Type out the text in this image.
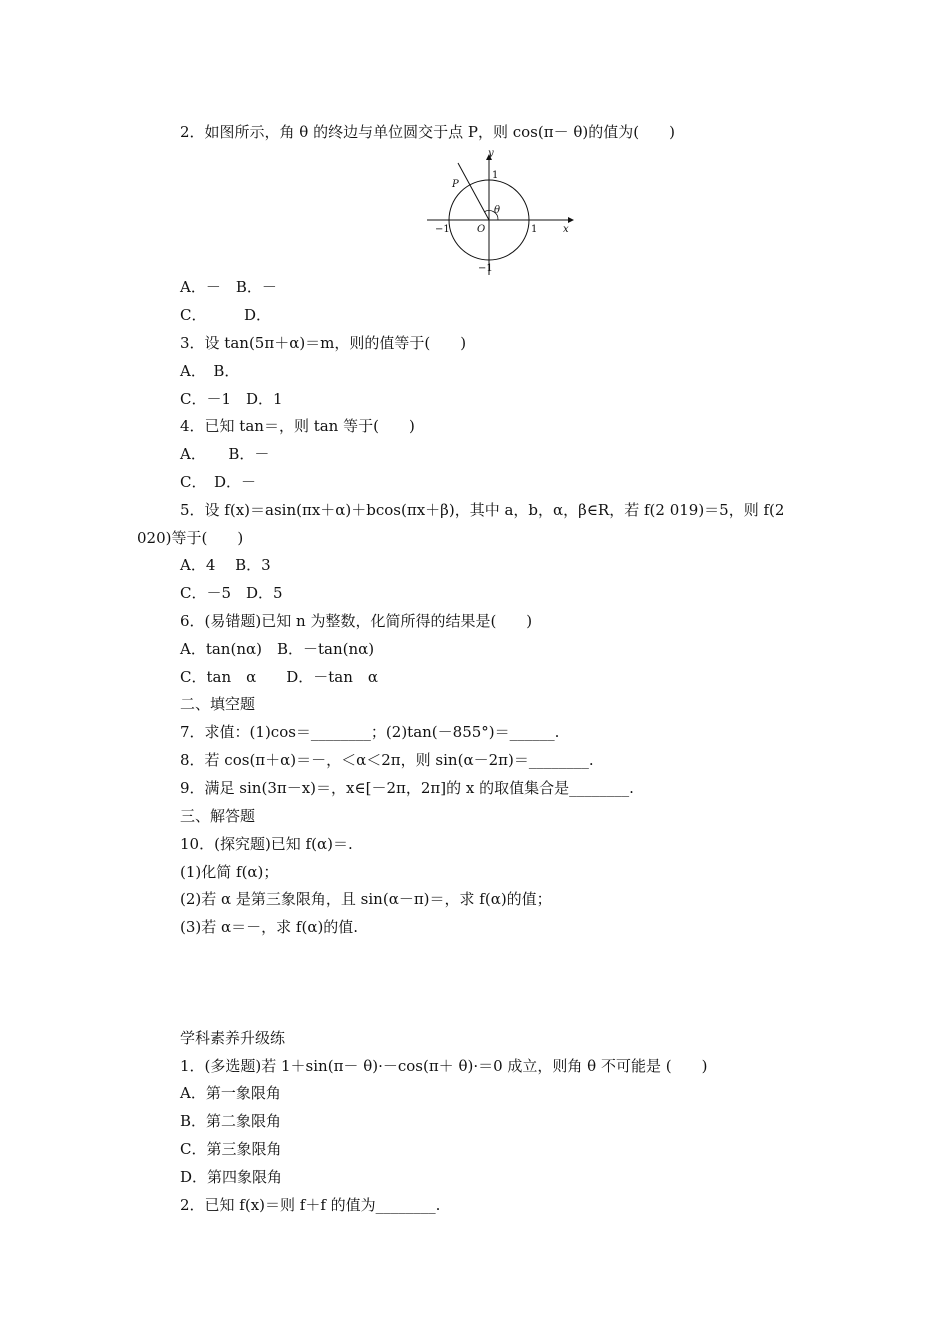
2．如图所示，角 θ 的终边与单位圆交于点 P，则 cos(π－ θ)的值为(　　)
y
x
P
O
θ
1
−1
1
−1
A．－　B．－
C．　　　D．
3．设 tan(5π＋α)＝m，则的值等于(　　)
A．　B．
C．－1　D．1
4．已知 tan＝，则 tan 等于(　　)
A．　　B．－
C．　D．－
5．设 f(x)＝asin(πx＋α)＋bcos(πx＋β)，其中 a，b，α，β∈R，若 f(2 019)＝5，则 f(2 020)等于(　　)
A．4　 B．3
C．－5　D．5
6．(易错题)已知 n 为整数，化简所得的结果是(　　)
A．tan(nα)　B．－tan(nα)
C．tan　α　　D．－tan　α
二、填空题
7．求值：(1)cos＝________；(2)tan(－855°)＝______.
8．若 cos(π＋α)＝－，＜α＜2π，则 sin(α－2π)＝________.
9．满足 sin(3π－x)＝，x∈[－2π，2π]的 x 的取值集合是________.
三、解答题
10．(探究题)已知 f(α)＝.
(1)化简 f(α)；
(2)若 α 是第三象限角，且 sin(α－π)＝，求 f(α)的值；
(3)若 α＝－，求 f(α)的值.
学科素养升级练
1．(多选题)若 1＋sin(π－ θ)·－cos(π＋ θ)·＝0 成立，则角 θ 不可能是 (　　)
A．第一象限角
B．第二象限角
C．第三象限角
D．第四象限角
2．已知 f(x)＝则 f＋f 的值为________.
